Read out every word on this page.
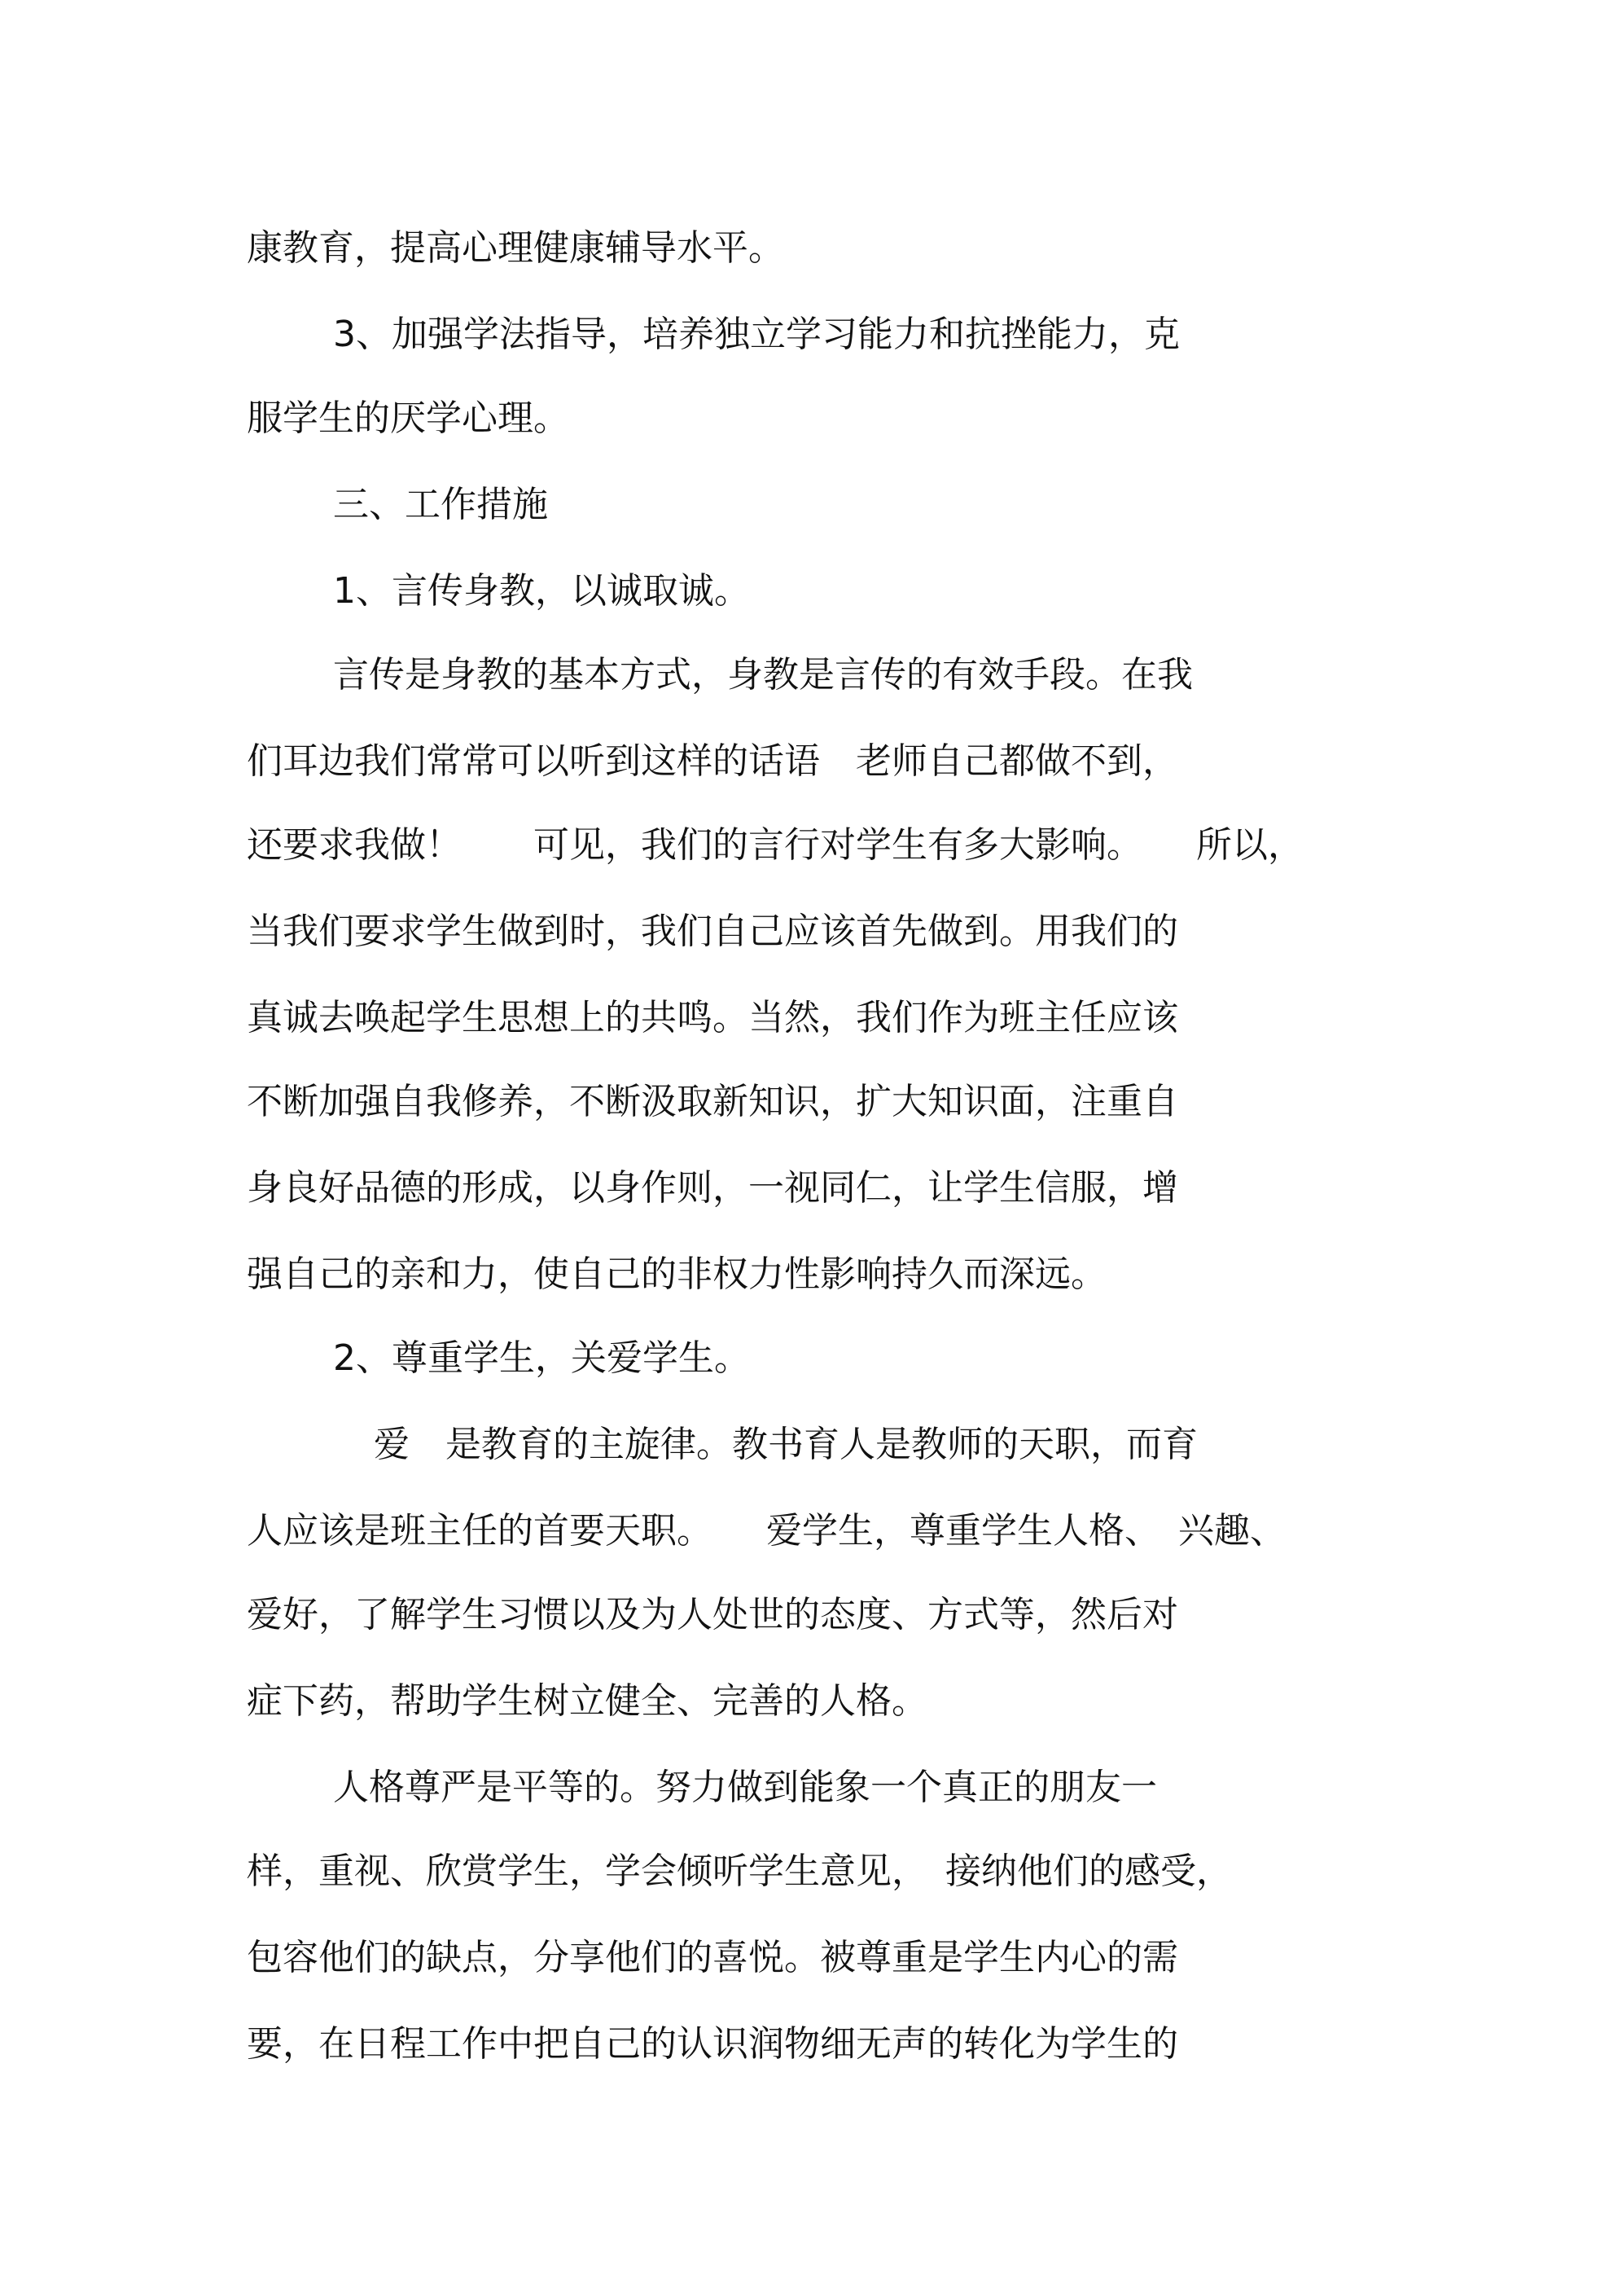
康教育，提高心理健康辅导水平。

3、加强学法指导，培养独立学习能力和抗挫能力，克

服学生的厌学心理。

三、工作措施

1、言传身教，以诚取诚。

言传是身教的基本方式，身教是言传的有效手段。在我

们耳边我们常常可以听到这样的话语　老师自己都做不到，

还要求我做！　　可见，我们的言行对学生有多大影响。　　所以，

当我们要求学生做到时，我们自己应该首先做到。用我们的

真诚去唤起学生思想上的共鸣。当然，我们作为班主任应该

不断加强自我修养，不断汲取新知识，扩大知识面，注重自

身良好品德的形成，以身作则，一视同仁，让学生信服，增

强自己的亲和力，使自己的非权力性影响持久而深远。

2、尊重学生，关爱学生。

爱　是教育的主旋律。教书育人是教师的天职，而育

人应该是班主任的首要天职。　　爱学生，尊重学生人格、　兴趣、

爱好，了解学生习惯以及为人处世的态度、方式等，然后对

症下药，帮助学生树立健全、完善的人格。

人格尊严是平等的。努力做到能象一个真正的朋友一

样，重视、欣赏学生，学会倾听学生意见，　接纳他们的感受，

包容他们的缺点，分享他们的喜悦。被尊重是学生内心的需

要，在日程工作中把自己的认识润物细无声的转化为学生的
